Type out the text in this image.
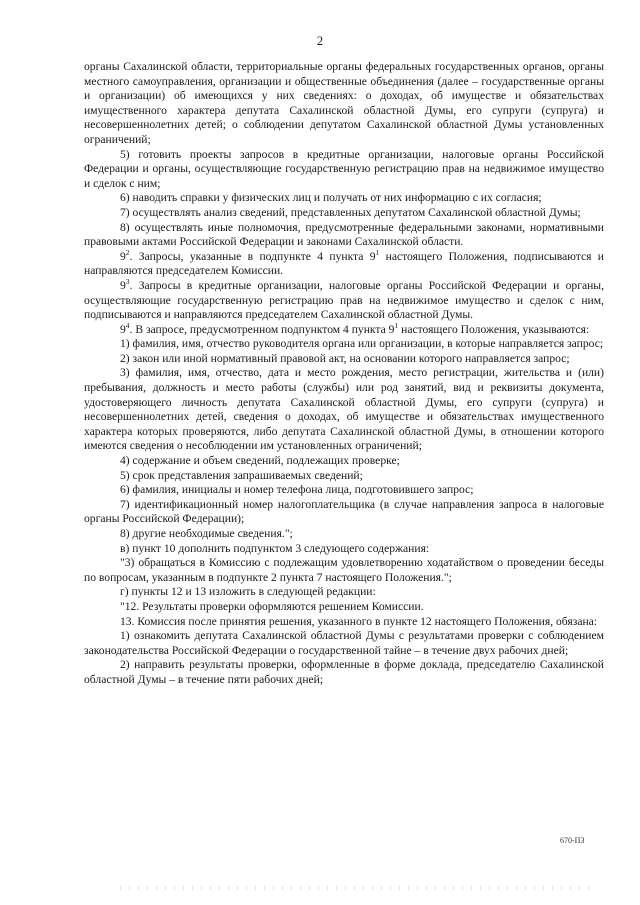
2

органы Сахалинской области, территориальные органы федеральных государственных органов, органы местного самоуправления, организации и общественные объединения (далее – государственные органы и организации) об имеющихся у них сведениях: о доходах, об имуществе и обязательствах имущественного характера депутата Сахалинской областной Думы, его супруги (супруга) и несовершеннолетних детей; о соблюдении депутатом Сахалинской областной Думы установленных ограничений;

5) готовить проекты запросов в кредитные организации, налоговые органы Российской Федерации и органы, осуществляющие государственную регистрацию прав на недвижимое имущество и сделок с ним;

6) наводить справки у физических лиц и получать от них информацию с их согласия;

7) осуществлять анализ сведений, представленных депутатом Сахалинской областной Думы;

8) осуществлять иные полномочия, предусмотренные федеральными законами, нормативными правовыми актами Российской Федерации и законами Сахалинской области.

$9^2$. Запросы, указанные в подпункте 4 пункта $9^1$ настоящего Положения, подписываются и направляются председателем Комиссии.

$9^3$. Запросы в кредитные организации, налоговые органы Российской Федерации и органы, осуществляющие государственную регистрацию прав на недвижимое имущество и сделок с ним, подписываются и направляются председателем Сахалинской областной Думы.

$9^4$. В запросе, предусмотренном подпунктом 4 пункта $9^1$ настоящего Положения, указываются:

1) фамилия, имя, отчество руководителя органа или организации, в которые направляется запрос;

2) закон или иной нормативный правовой акт, на основании которого направляется запрос;

3) фамилия, имя, отчество, дата и место рождения, место регистрации, жительства и (или) пребывания, должность и место работы (службы) или род занятий, вид и реквизиты документа, удостоверяющего личность депутата Сахалинской областной Думы, его супруги (супруга) и несовершеннолетних детей, сведения о доходах, об имуществе и обязательствах имущественного характера которых проверяются, либо депутата Сахалинской областной Думы, в отношении которого имеются сведения о несоблюдении им установленных ограничений;

4) содержание и объем сведений, подлежащих проверке;

5) срок представления запрашиваемых сведений;

6) фамилия, инициалы и номер телефона лица, подготовившего запрос;

7) идентификационный номер налогоплательщика (в случае направления запроса в налоговые органы Российской Федерации);

8) другие необходимые сведения.";

в) пункт 10 дополнить подпунктом 3 следующего содержания:

"3) обращаться в Комиссию с подлежащим удовлетворению ходатайством о проведении беседы по вопросам, указанным в подпункте 2 пункта 7 настоящего Положения.";

г) пункты 12 и 13 изложить в следующей редакции:

"12. Результаты проверки оформляются решением Комиссии.

13. Комиссия после принятия решения, указанного в пункте 12 настоящего Положения, обязана:

1) ознакомить депутата Сахалинской областной Думы с результатами проверки с соблюдением законодательства Российской Федерации о государственной тайне – в течение двух рабочих дней;

2) направить результаты проверки, оформленные в форме доклада, председателю Сахалинской областной Думы – в течение пяти рабочих дней;

670-ПЗ
